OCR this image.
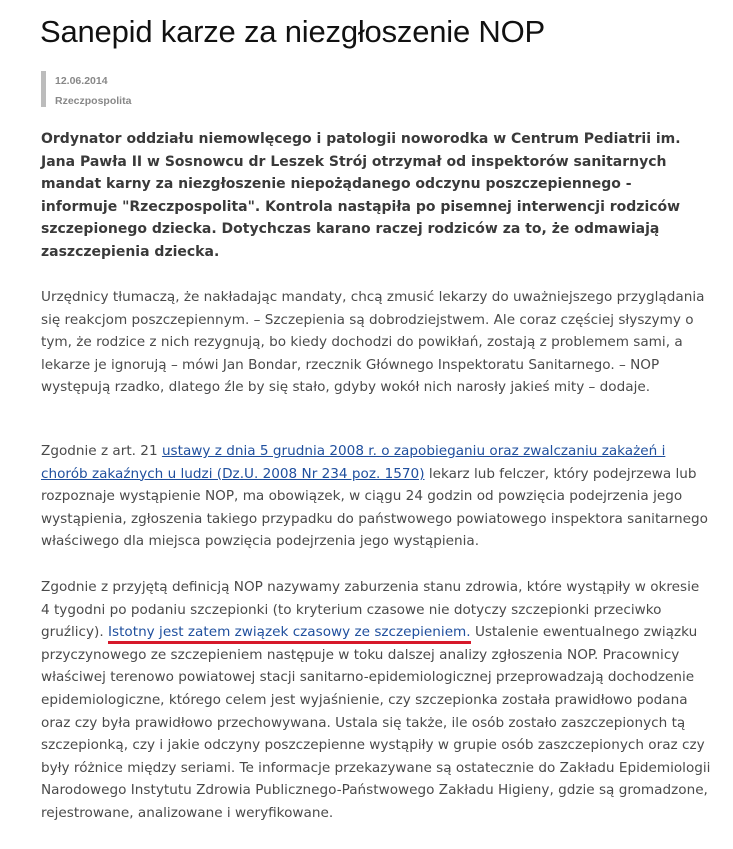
Sanepid karze za niezgłoszenie NOP
12.06.2014
Rzeczpospolita

Ordynator oddziału niemowlęcego i patologii noworodka w Centrum Pediatrii im. Jana Pawła II w Sosnowcu dr Leszek Strój otrzymał od inspektorów sanitarnych mandat karny za niezgłoszenie niepożądanego odczynu poszczepiennego - informuje "Rzeczpospolita". Kontrola nastąpiła po pisemnej interwencji rodziców szczepionego dziecka. Dotychczas karano raczej rodziców za to, że odmawiają zaszczepienia dziecka.

Urzędnicy tłumaczą, że nakładając mandaty, chcą zmusić lekarzy do uważniejszego przyglądania się reakcjom poszczepiennym. – Szczepienia są dobrodziejstwem. Ale coraz częściej słyszymy o tym, że rodzice z nich rezygnują, bo kiedy dochodzi do powikłań, zostają z problemem sami, a lekarze je ignorują – mówi Jan Bondar, rzecznik Głównego Inspektoratu Sanitarnego. – NOP występują rzadko, dlatego źle by się stało, gdyby wokół nich narosły jakieś mity – dodaje.

Zgodnie z art. 21 ustawy z dnia 5 grudnia 2008 r. o zapobieganiu oraz zwalczaniu zakażeń i chorób zakaźnych u ludzi (Dz.U. 2008 Nr 234 poz. 1570) lekarz lub felczer, który podejrzewa lub rozpoznaje wystąpienie NOP, ma obowiązek, w ciągu 24 godzin od powzięcia podejrzenia jego wystąpienia, zgłoszenia takiego przypadku do państwowego powiatowego inspektora sanitarnego właściwego dla miejsca powzięcia podejrzenia jego wystąpienia.

Zgodnie z przyjętą definicją NOP nazywamy zaburzenia stanu zdrowia, które wystąpiły w okresie 4 tygodni po podaniu szczepionki (to kryterium czasowe nie dotyczy szczepionki przeciwko gruźlicy). Istotny jest zatem związek czasowy ze szczepieniem. Ustalenie ewentualnego związku przyczynowego ze szczepieniem następuje w toku dalszej analizy zgłoszenia NOP. Pracownicy właściwej terenowo powiatowej stacji sanitarno-epidemiologicznej przeprowadzają dochodzenie epidemiologiczne, którego celem jest wyjaśnienie, czy szczepionka została prawidłowo podana oraz czy była prawidłowo przechowywana. Ustala się także, ile osób zostało zaszczepionych tą szczepionką, czy i jakie odczyny poszczepienne wystąpiły w grupie osób zaszczepionych oraz czy były różnice między seriami. Te informacje przekazywane są ostatecznie do Zakładu Epidemiologii Narodowego Instytutu Zdrowia Publicznego-Państwowego Zakładu Higieny, gdzie są gromadzone, rejestrowane, analizowane i weryfikowane.
